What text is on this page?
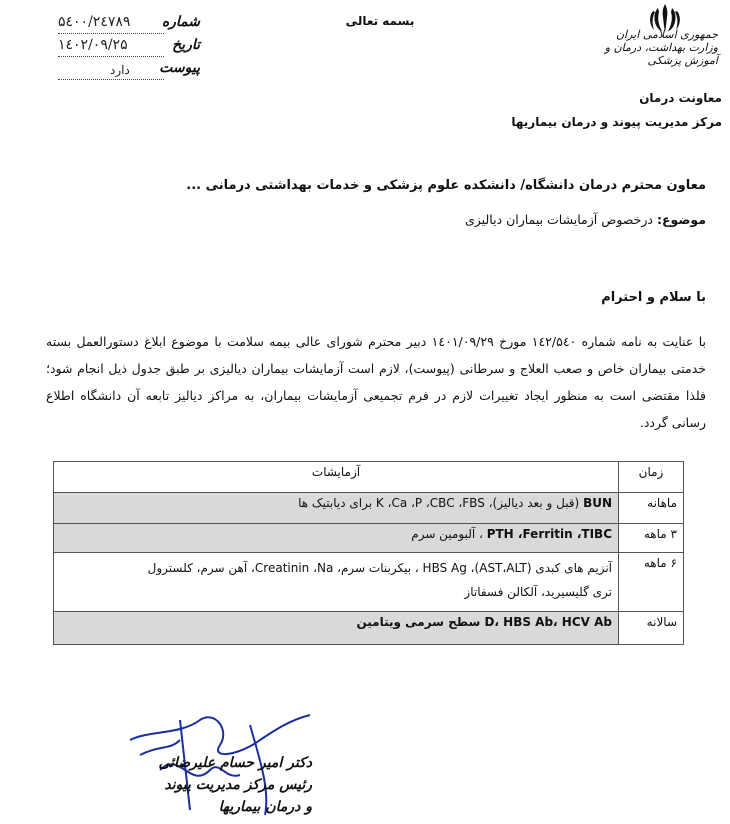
بسمه تعالی
شماره
۵٤٠٠/٢٤٧٨٩
تاریخ
۱٤٠٢/٠٩/٢۵
پیوست
دارد
جمهوری اسلامی ایران
وزارت بهداشت، درمان و آموزش پزشکی
معاونت درمان
مرکز مدیریت پیوند و درمان بیماریها
معاون محترم درمان دانشگاه/ دانشکده علوم پزشکی و خدمات بهداشتی درمانی ...
موضوع: درخصوص آزمایشات بیماران دیالیزی
با سلام و احترام
با عنایت به نامه شماره ۱٤۲/۵٤۰ مورخ ۱٤۰۱/۰۹/۲۹ دبیر محترم شورای عالی بیمه سلامت با موضوع ابلاغ دستورالعمل بسته خدمتی بیماران خاص و صعب العلاج و سرطانی (پیوست)، لازم است آزمایشات بیماران دیالیزی بر طبق جدول ذیل انجام شود؛ فلذا مقتضی است به منظور ایجاد تغییرات لازم در فرم تجمیعی آزمایشات بیماران، به مراکز دیالیز تابعه آن دانشگاه اطلاع رسانی گردد.
زمان	آزمایشات
ماهانه	BUN (قبل و بعد دیالیز)، K ،Ca ،P ،CBC ،FBS برای دیابتیک ها
۳ ماهه	PTH ،Ferritin ،TIBC ، آلبومین سرم
۶ ماهه	آنزیم های کبدی (AST،ALT)، HBS Ag ، بیکربنات سرم، Creatinin ،Na، آهن سرم، کلسترول
تری گلیسیرید، آلکالن فسفاتاز

سالانه	سطح سرمی ویتامین D، HBS Ab، HCV Ab
دکتر امیر حسام علیرضائی
رئیس مرکز مدیریت پیوند
و درمان بیماریها
